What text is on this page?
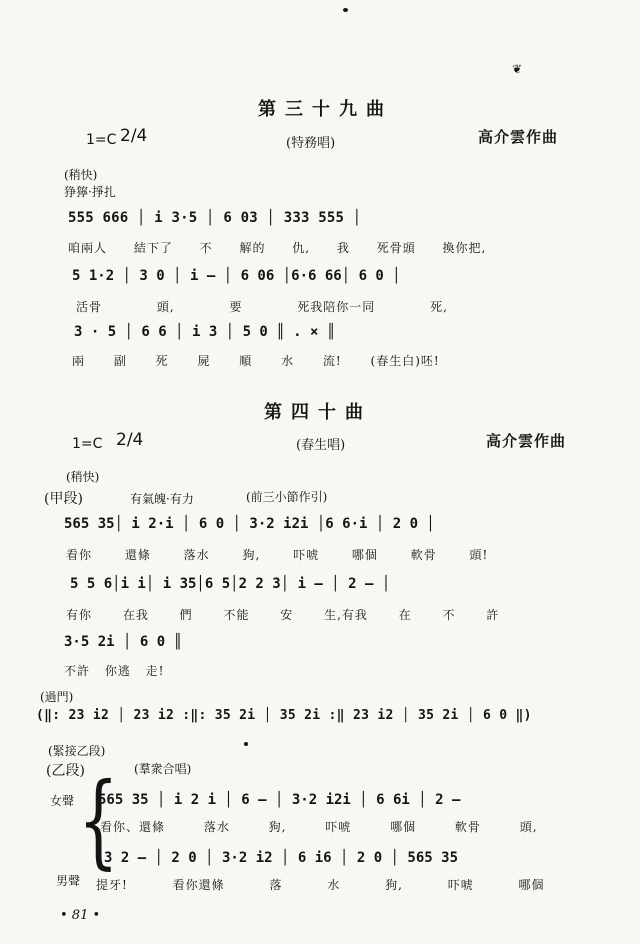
❦
第三十九曲
1=C 2/4	(特務唱)	高介雲作曲
(稍快)
狰獰·掙扎
555 666 │ i 3·5 │ 6 03 │ 333 555 │
咱兩人 結下了 不 解的 仇, 我 死骨頭 換你把,
5 1·2 │ 3 0 │ i — │ 6 06 │6·6 66│ 6 0 │
活骨 頭, 要 死我陪你一同 死,
3 · 5 │ 6 6 │ i 3 │ 5 0 ║ . × ║
兩 副 死 屍 順 水 流! (春生白)呸!
第四十曲
1=C 2/4	(春生唱)	高介雲作曲
(稍快)
(甲段)	有氣魄·有力	(前三小節作引)
565 35│ i 2·i │ 6 0 │ 3·2 i2i │6 6·i │ 2 0 │
看你 還條 落水 狗, 吓唬 哪個 軟骨 頭!
5 5 6│i i│ i 35│6 5│2 2 3│ i — │ 2 — │
有你 在我 們 不能 安 生,有我 在 不 許
3·5 2i │ 6 0 ║
不許 你逃 走!
(過門)
(‖: 23 i2 │ 23 i2 :‖: 35 2i │ 35 2i :‖ 23 i2 │ 35 2i │ 6 0 ‖)
(緊接乙段)
(乙段)	(羣衆合唱)
女聲
男聲
{
565 35 │ i 2 i │ 6 — │ 3·2 i2i │ 6 6i │ 2 —
看你、還條 落水 狗, 吓唬 哪個 軟骨 頭,
3 2 — │ 2 0 │ 3·2 i2 │ 6 i6 │ 2 0 │ 565 35
提牙! 看你還條 落 水 狗, 吓唬 哪個
• 81 •
